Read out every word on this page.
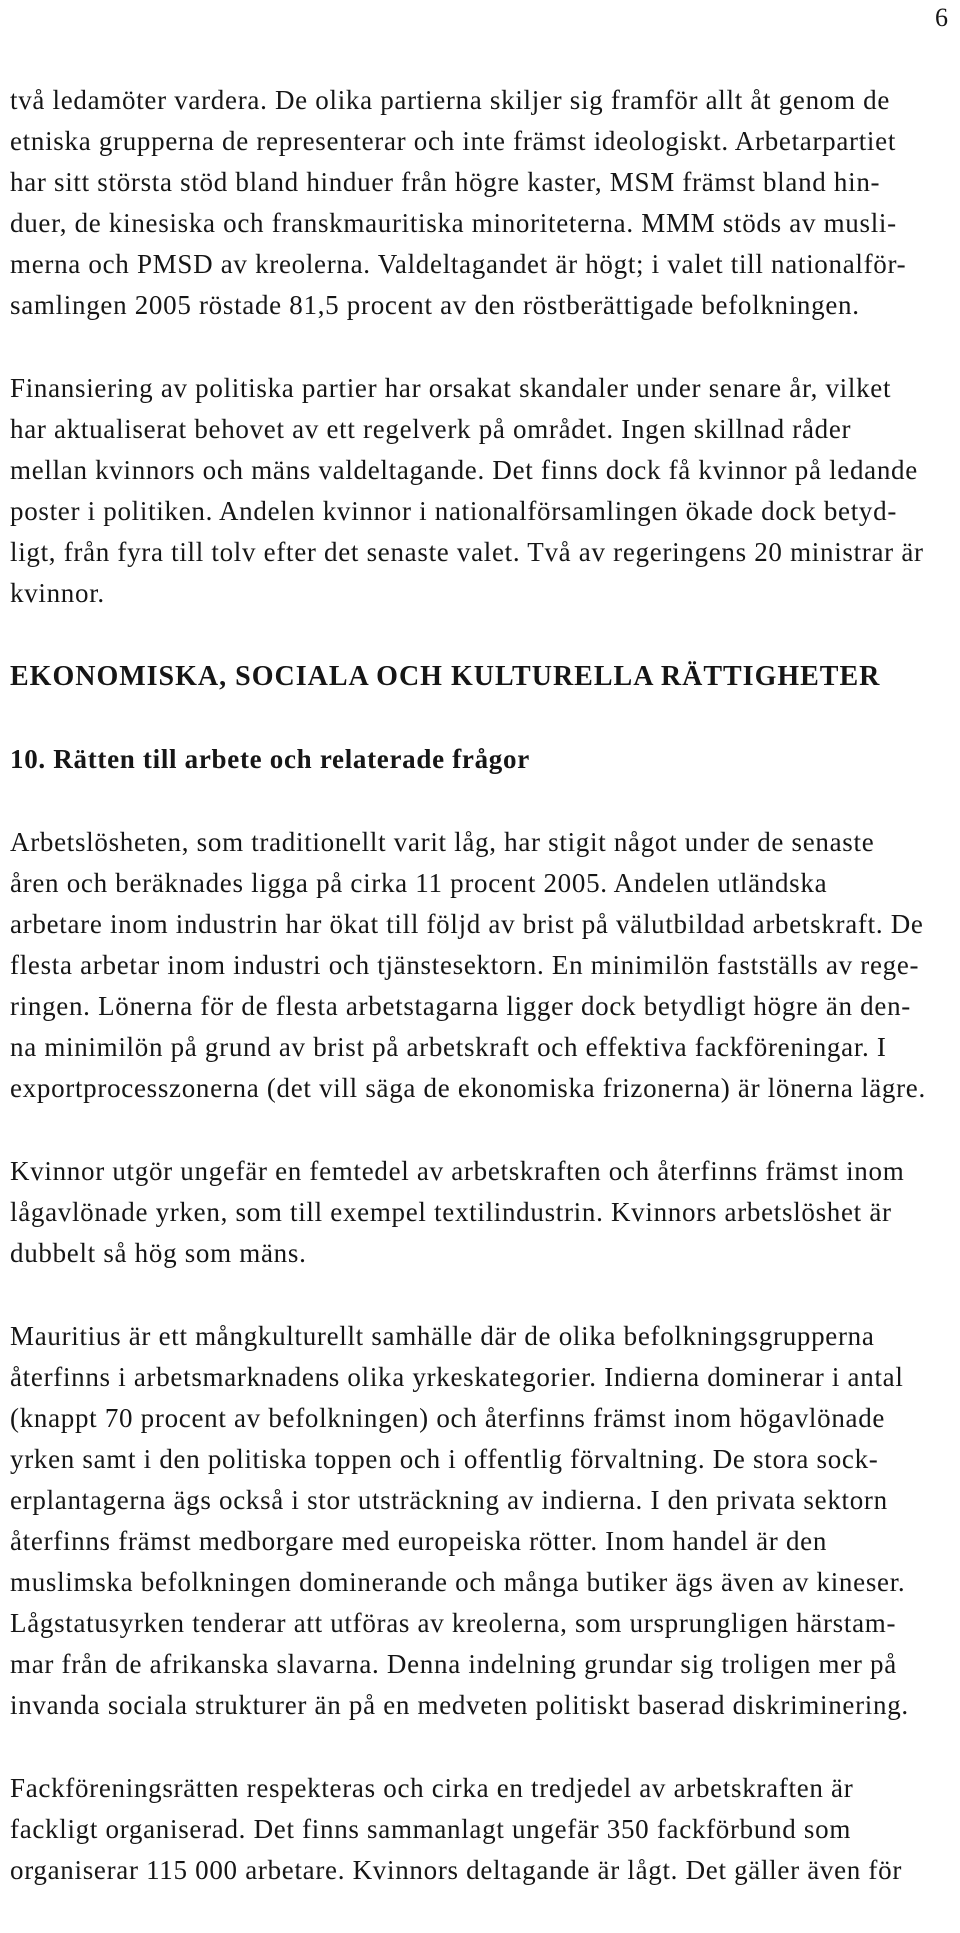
6

två ledamöter vardera. De olika partierna skiljer sig framför allt åt genom de
etniska grupperna de representerar och inte främst ideologiskt. Arbetarpartiet
har sitt största stöd bland hinduer från högre kaster, MSM främst bland hin-
duer, de kinesiska och franskmauritiska minoriteterna. MMM stöds av musli-
merna och PMSD av kreolerna. Valdeltagandet är högt; i valet till nationalför-
samlingen 2005 röstade 81,5 procent av den röstberättigade befolkningen.

Finansiering av politiska partier har orsakat skandaler under senare år, vilket
har aktualiserat behovet av ett regelverk på området. Ingen skillnad råder
mellan kvinnors och mäns valdeltagande. Det finns dock få kvinnor på ledande
poster i politiken. Andelen kvinnor i nationalförsamlingen ökade dock betyd-
ligt, från fyra till tolv efter det senaste valet. Två av regeringens 20 ministrar är
kvinnor.

EKONOMISKA, SOCIALA OCH KULTURELLA RÄTTIGHETER
10. Rätten till arbete och relaterade frågor

Arbetslösheten, som traditionellt varit låg, har stigit något under de senaste
åren och beräknades ligga på cirka 11 procent 2005. Andelen utländska
arbetare inom industrin har ökat till följd av brist på välutbildad arbetskraft. De
flesta arbetar inom industri och tjänstesektorn. En minimilön fastställs av rege-
ringen. Lönerna för de flesta arbetstagarna ligger dock betydligt högre än den-
na minimilön på grund av brist på arbetskraft och effektiva fackföreningar. I
exportprocesszonerna (det vill säga de ekonomiska frizonerna) är lönerna lägre.

Kvinnor utgör ungefär en femtedel av arbetskraften och återfinns främst inom
lågavlönade yrken, som till exempel textilindustrin. Kvinnors arbetslöshet är
dubbelt så hög som mäns.

Mauritius är ett mångkulturellt samhälle där de olika befolkningsgrupperna
återfinns i arbetsmarknadens olika yrkeskategorier. Indierna dominerar i antal
(knappt 70 procent av befolkningen) och återfinns främst inom högavlönade
yrken samt i den politiska toppen och i offentlig förvaltning. De stora sock-
erplantagerna ägs också i stor utsträckning av indierna. I den privata sektorn
återfinns främst medborgare med europeiska rötter. Inom handel är den
muslimska befolkningen dominerande och många butiker ägs även av kineser.
Lågstatusyrken tenderar att utföras av kreolerna, som ursprungligen härstam-
mar från de afrikanska slavarna. Denna indelning grundar sig troligen mer på
invanda sociala strukturer än på en medveten politiskt baserad diskriminering.

Fackföreningsrätten respekteras och cirka en tredjedel av arbetskraften är
fackligt organiserad. Det finns sammanlagt ungefär 350 fackförbund som
organiserar 115 000 arbetare. Kvinnors deltagande är lågt. Det gäller även för
